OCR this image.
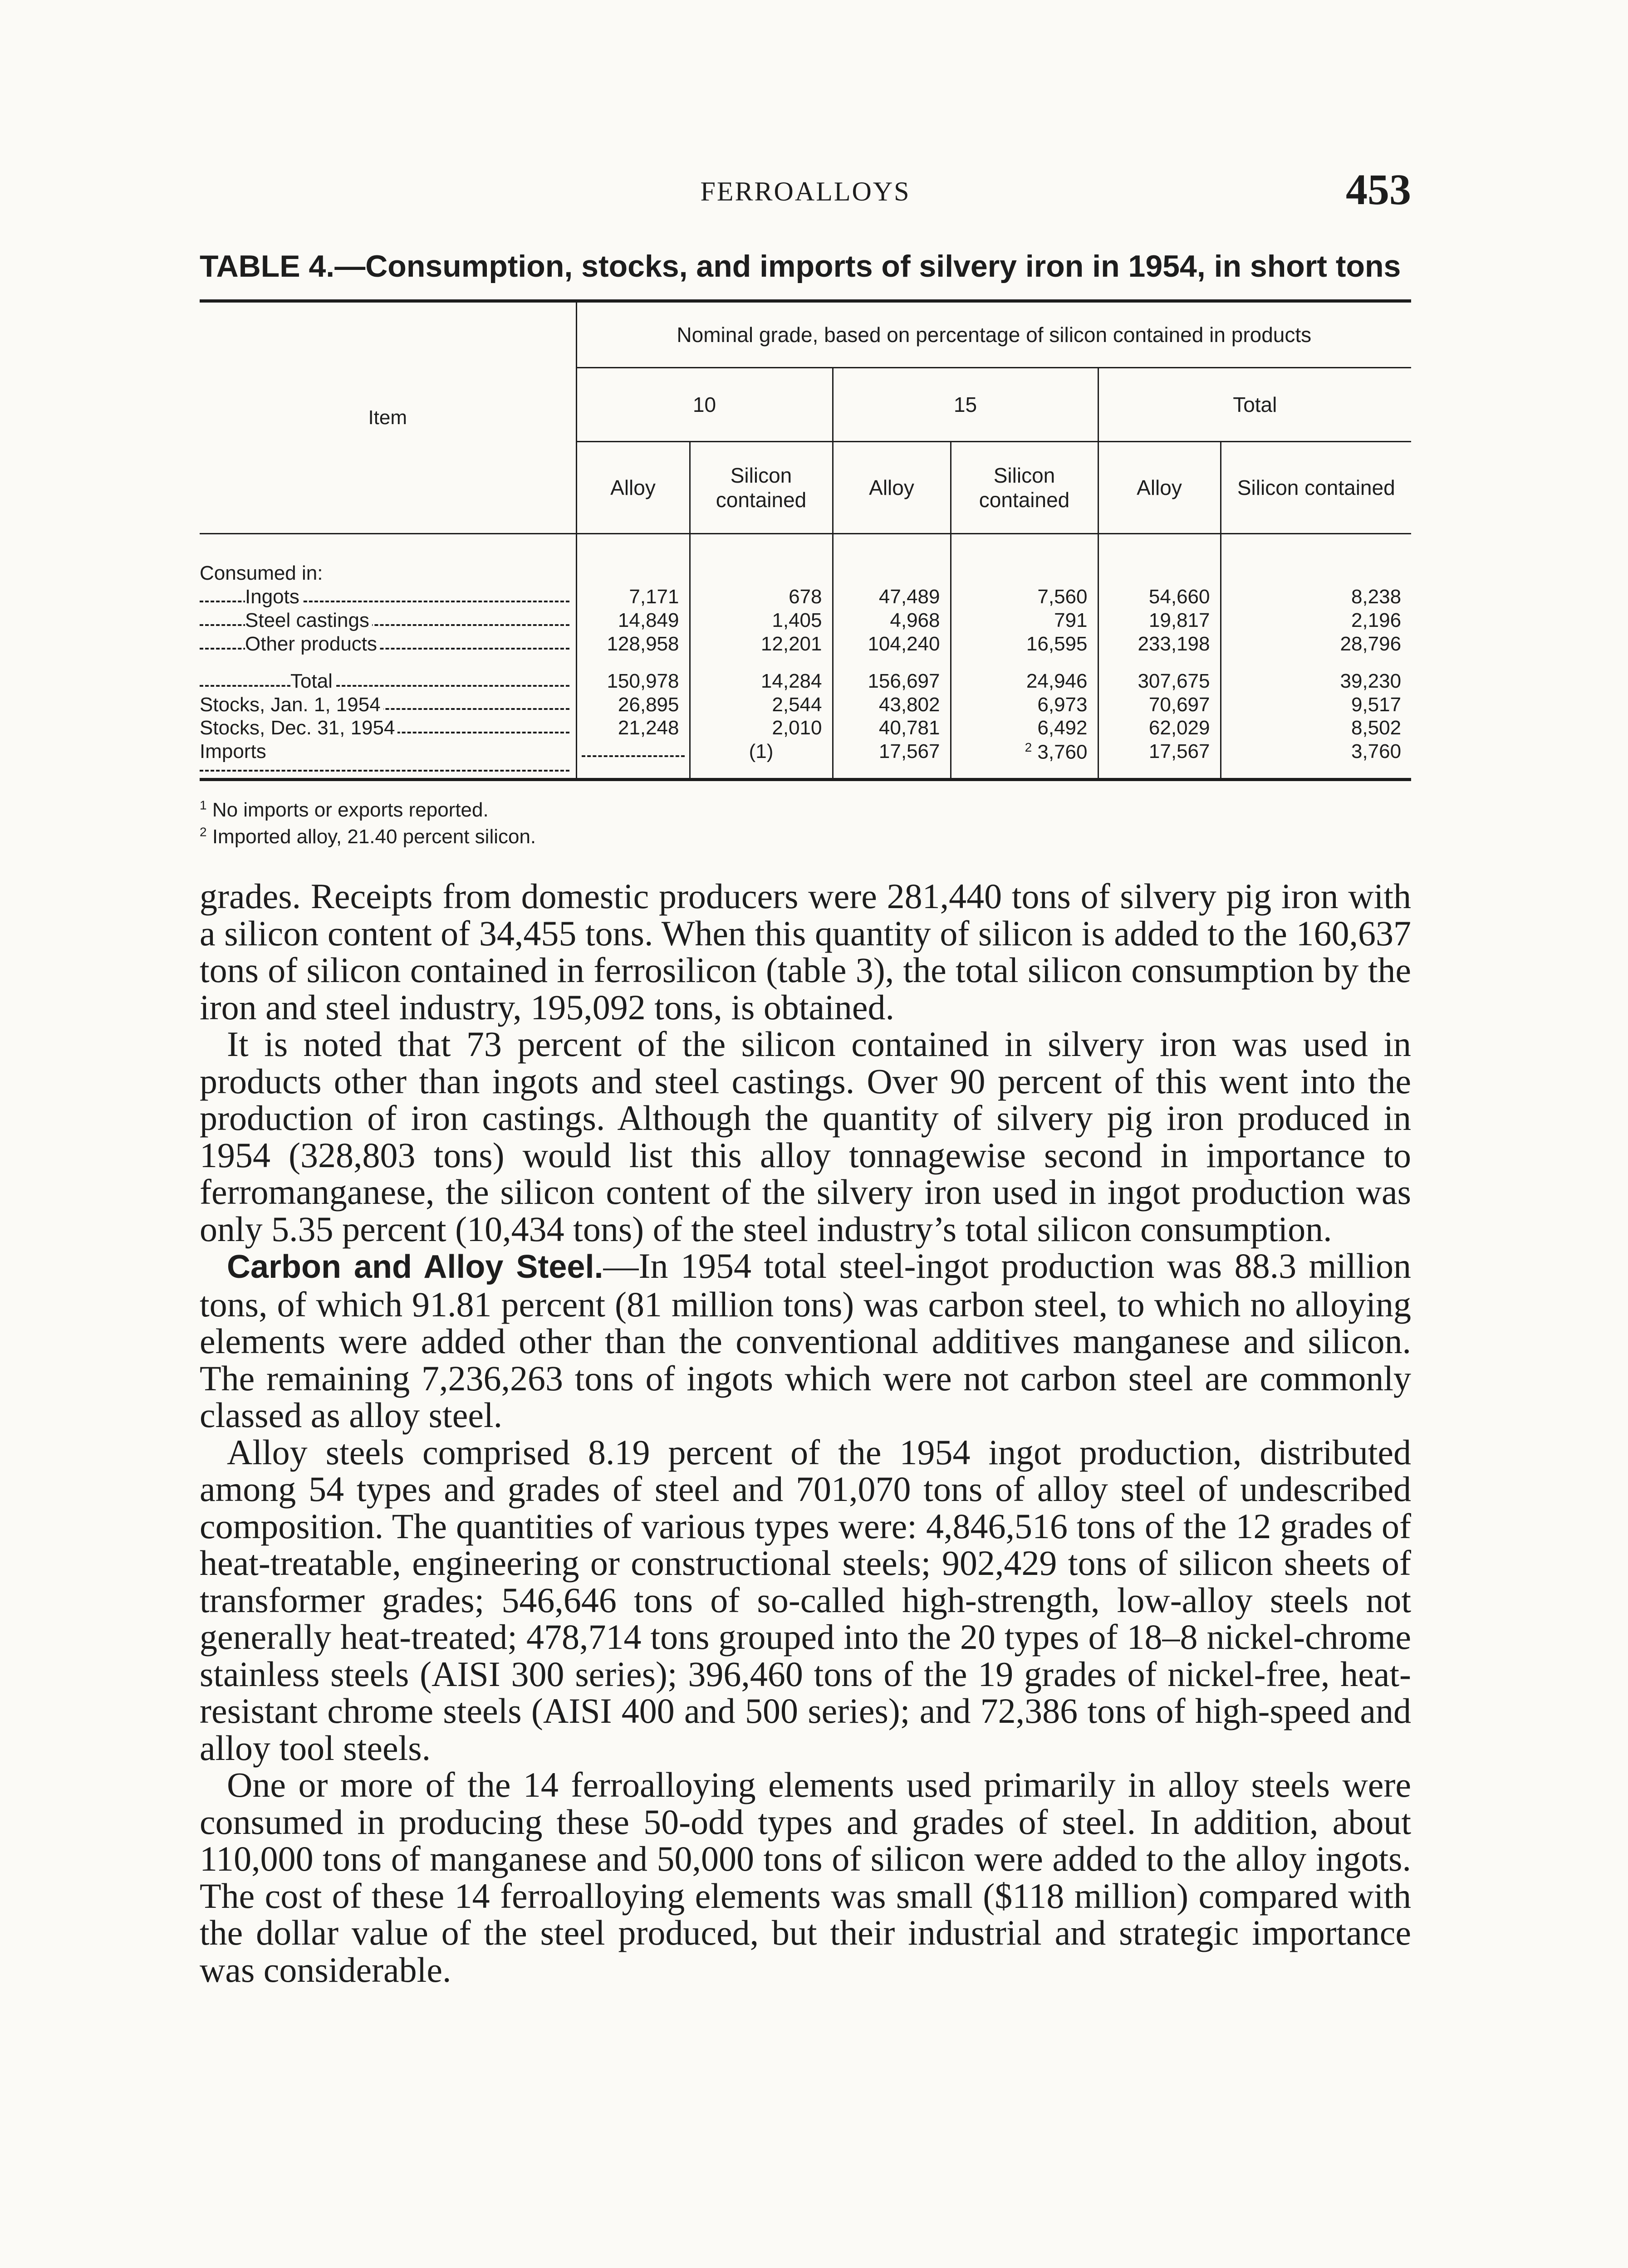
FERROALLOYS	453
TABLE 4.—Consumption, stocks, and imports of silvery iron in 1954, in short tons
Item	Nominal grade, based on percentage of silicon contained in products					
	10		15		Total	
	Alloy	Silicon contained	Alloy	Silicon contained	Alloy	Silicon contained
Consumed in:						

Ingots	7,171	678	47,489	7,560	54,660	8,238

Steel castings	14,849	1,405	4,968	791	19,817	2,196

Other products	128,958	12,201	104,240	16,595	233,198	28,796

Total	150,978	14,284	156,697	24,946	307,675	39,230

Stocks, Jan. 1, 1954	26,895	2,544	43,802	6,973	70,697	9,517

Stocks, Dec. 31, 1954	21,248	2,010	40,781	6,492	62,029	8,502

Imports		(1)	17,567	$^2$ 3,760	17,567	3,760
$^1$ No imports or exports reported.
$^2$ Imported alloy, 21.40 percent silicon.

grades. Receipts from domestic producers were 281,440 tons of silvery pig iron with a silicon content of 34,455 tons. When this quantity of silicon is added to the 160,637 tons of silicon contained in ferrosilicon (table 3), the total silicon consumption by the iron and steel industry, 195,092 tons, is obtained.

It is noted that 73 percent of the silicon contained in silvery iron was used in products other than ingots and steel castings. Over 90 percent of this went into the production of iron castings. Although the quantity of silvery pig iron produced in 1954 (328,803 tons) would list this alloy tonnagewise second in importance to ferromanganese, the silicon content of the silvery iron used in ingot production was only 5.35 percent (10,434 tons) of the steel industry’s total silicon consumption.

Carbon and Alloy Steel.—In 1954 total steel-ingot production was 88.3 million tons, of which 91.81 percent (81 million tons) was carbon steel, to which no alloying elements were added other than the conventional additives manganese and silicon. The remaining 7,236,263 tons of ingots which were not carbon steel are commonly classed as alloy steel.

Alloy steels comprised 8.19 percent of the 1954 ingot production, distributed among 54 types and grades of steel and 701,070 tons of alloy steel of undescribed composition. The quantities of various types were: 4,846,516 tons of the 12 grades of heat-treatable, engineering or constructional steels; 902,429 tons of silicon sheets of transformer grades; 546,646 tons of so-called high-strength, low-alloy steels not generally heat-treated; 478,714 tons grouped into the 20 types of 18–8 nickel-chrome stainless steels (AISI 300 series); 396,460 tons of the 19 grades of nickel-free, heat-resistant chrome steels (AISI 400 and 500 series); and 72,386 tons of high-speed and alloy tool steels.

One or more of the 14 ferroalloying elements used primarily in alloy steels were consumed in producing these 50-odd types and grades of steel. In addition, about 110,000 tons of manganese and 50,000 tons of silicon were added to the alloy ingots. The cost of these 14 ferroalloying elements was small ($118 million) compared with the dollar value of the steel produced, but their industrial and strategic importance was considerable.
